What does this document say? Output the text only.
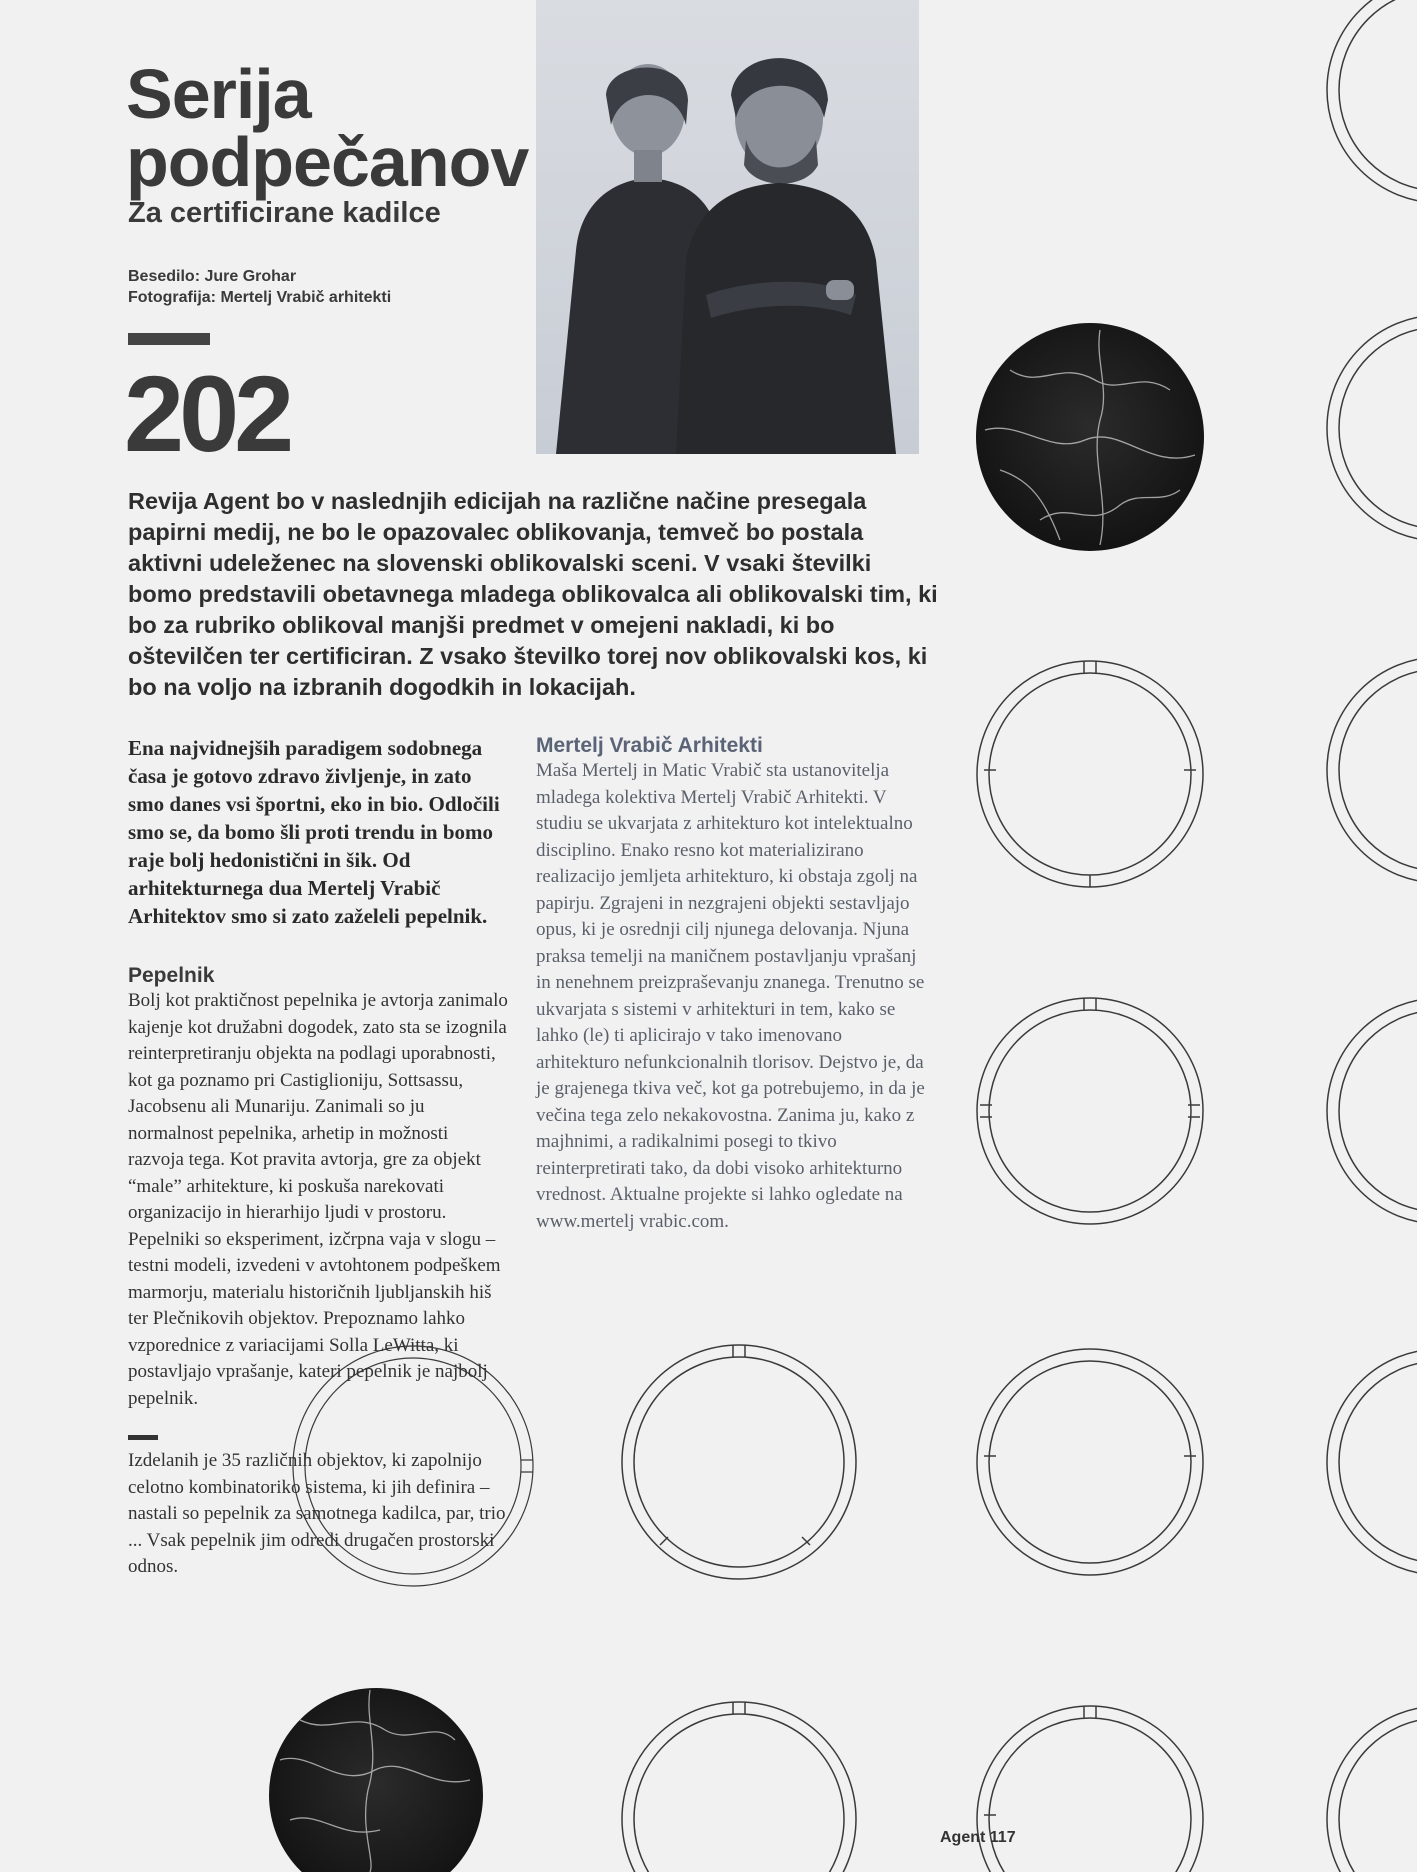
Serija
podpečanov
Za certificirane kadilce
Besedilo: Jure Grohar
Fotografija: Mertelj Vrabič arhitekti
202

Revija Agent bo v naslednjih edicijah na različne načine presegala papirni medij, ne bo le opazovalec oblikovanja, temveč bo postala aktivni udeleženec na slovenski oblikovalski sceni. V vsaki številki bomo predstavili obetavnega mladega oblikovalca ali oblikovalski tim, ki bo za rubriko oblikoval manjši predmet v omejeni nakladi, ki bo oštevilčen ter certificiran. Z vsako številko torej nov oblikovalski kos, ki bo na voljo na izbranih dogodkih in lokacijah.

Ena najvidnejših paradigem sodobnega časa je gotovo zdravo življenje, in zato smo danes vsi športni, eko in bio. Odločili smo se, da bomo šli proti trendu in bomo raje bolj hedonistični in šik. Od arhitekturnega dua Mertelj Vrabič Arhitektov smo si zato zaželeli pepelnik.
Pepelnik
Bolj kot praktičnost pepelnika je avtorja zanimalo kajenje kot družabni dogodek, zato sta se izognila reinterpretiranju objekta na podlagi uporabnosti, kot ga poznamo pri Castiglioniju, Sottsassu, Jacobsenu ali Munariju. Zanimali so ju normalnost pepelnika, arhetip in možnosti razvoja tega. Kot pravita avtorja, gre za objekt “male” arhitekture, ki poskuša narekovati organizacijo in hierarhijo ljudi v prostoru. Pepelniki so eksperiment, izčrpna vaja v slogu – testni modeli, izvedeni v avtohtonem podpeškem marmorju, materialu historičnih ljubljanskih hiš ter Plečnikovih objektov. Prepoznamo lahko vzporednice z variacijami Solla LeWitta, ki postavljajo vprašanje, kateri pepelnik je najbolj pepelnik.
Izdelanih je 35 različnih objektov, ki zapolnijo celotno kombinatoriko sistema, ki jih definira – nastali so pepelnik za samotnega kadilca, par, trio ... Vsak pepelnik jim odredi drugačen prostorski odnos.
Mertelj Vrabič Arhitekti
Maša Mertelj in Matic Vrabič sta ustanovitelja mladega kolektiva Mertelj Vrabič Arhitekti. V studiu se ukvarjata z arhitekturo kot intelektualno disciplino. Enako resno kot materializirano realizacijo jemljeta arhitekturo, ki obstaja zgolj na papirju. Zgrajeni in nezgrajeni objekti sestavljajo opus, ki je osrednji cilj njunega delovanja. Njuna praksa temelji na maničnem postavljanju vprašanj in nenehnem preizpraševanju znanega. Trenutno se ukvarjata s sistemi v arhitekturi in tem, kako se lahko (le) ti aplicirajo v tako imenovano arhitekturo nefunkcionalnih tlorisov. Dejstvo je, da je grajenega tkiva več, kot ga potrebujemo, in da je večina tega zelo nekakovostna. Zanima ju, kako z majhnimi, a radikalnimi posegi to tkivo reinterpretirati tako, da dobi visoko arhitekturno vrednost. Aktualne projekte si lahko ogledate na www.mertelj vrabic.com.
Agent 117
